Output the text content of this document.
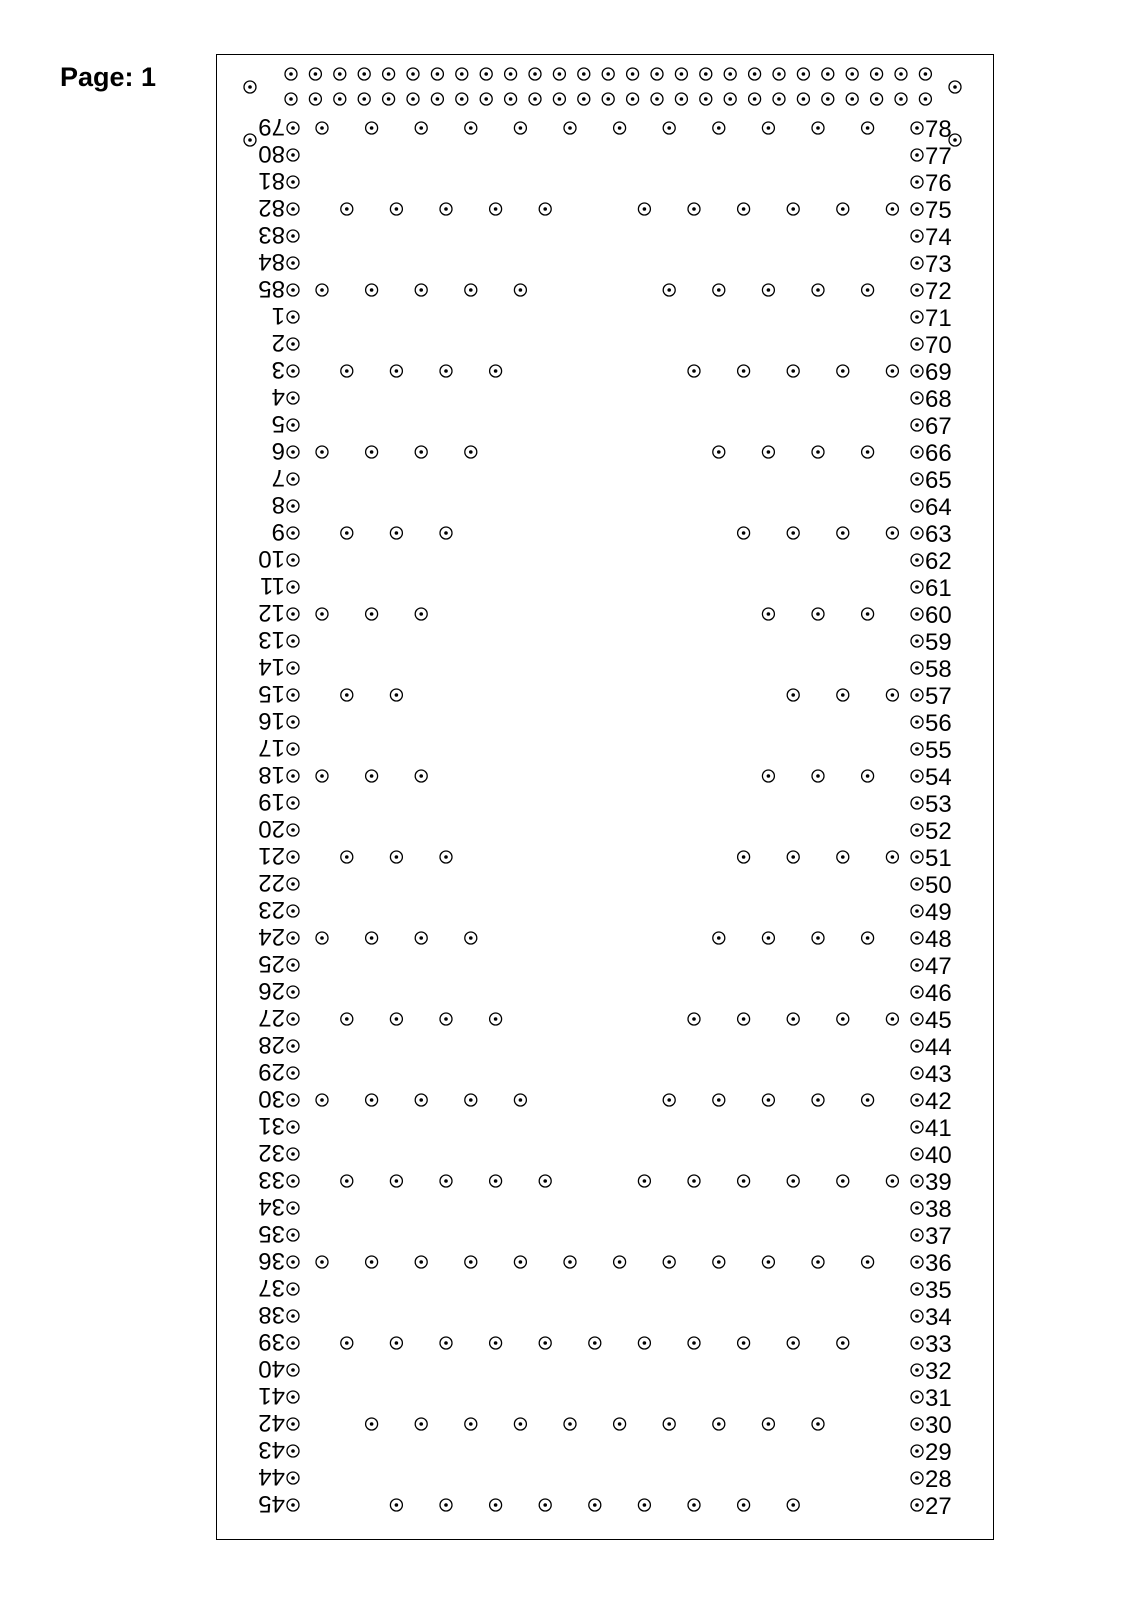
Page: 1
79	78
80	77
81	76
82	75
83	74
84	73
85	72
1	71
2	70
3	69
4	68
5	67
6	66
7	65
8	64
9	63
10	62
11	61
12	60
13	59
14	58
15	57
16	56
17	55
18	54
19	53
20	52
21	51
22	50
23	49
24	48
25	47
26	46
27	45
28	44
29	43
30	42
31	41
32	40
33	39
34	38
35	37
36	36
37	35
38	34
39	33
40	32
41	31
42	30
43	29
44	28
45	27
